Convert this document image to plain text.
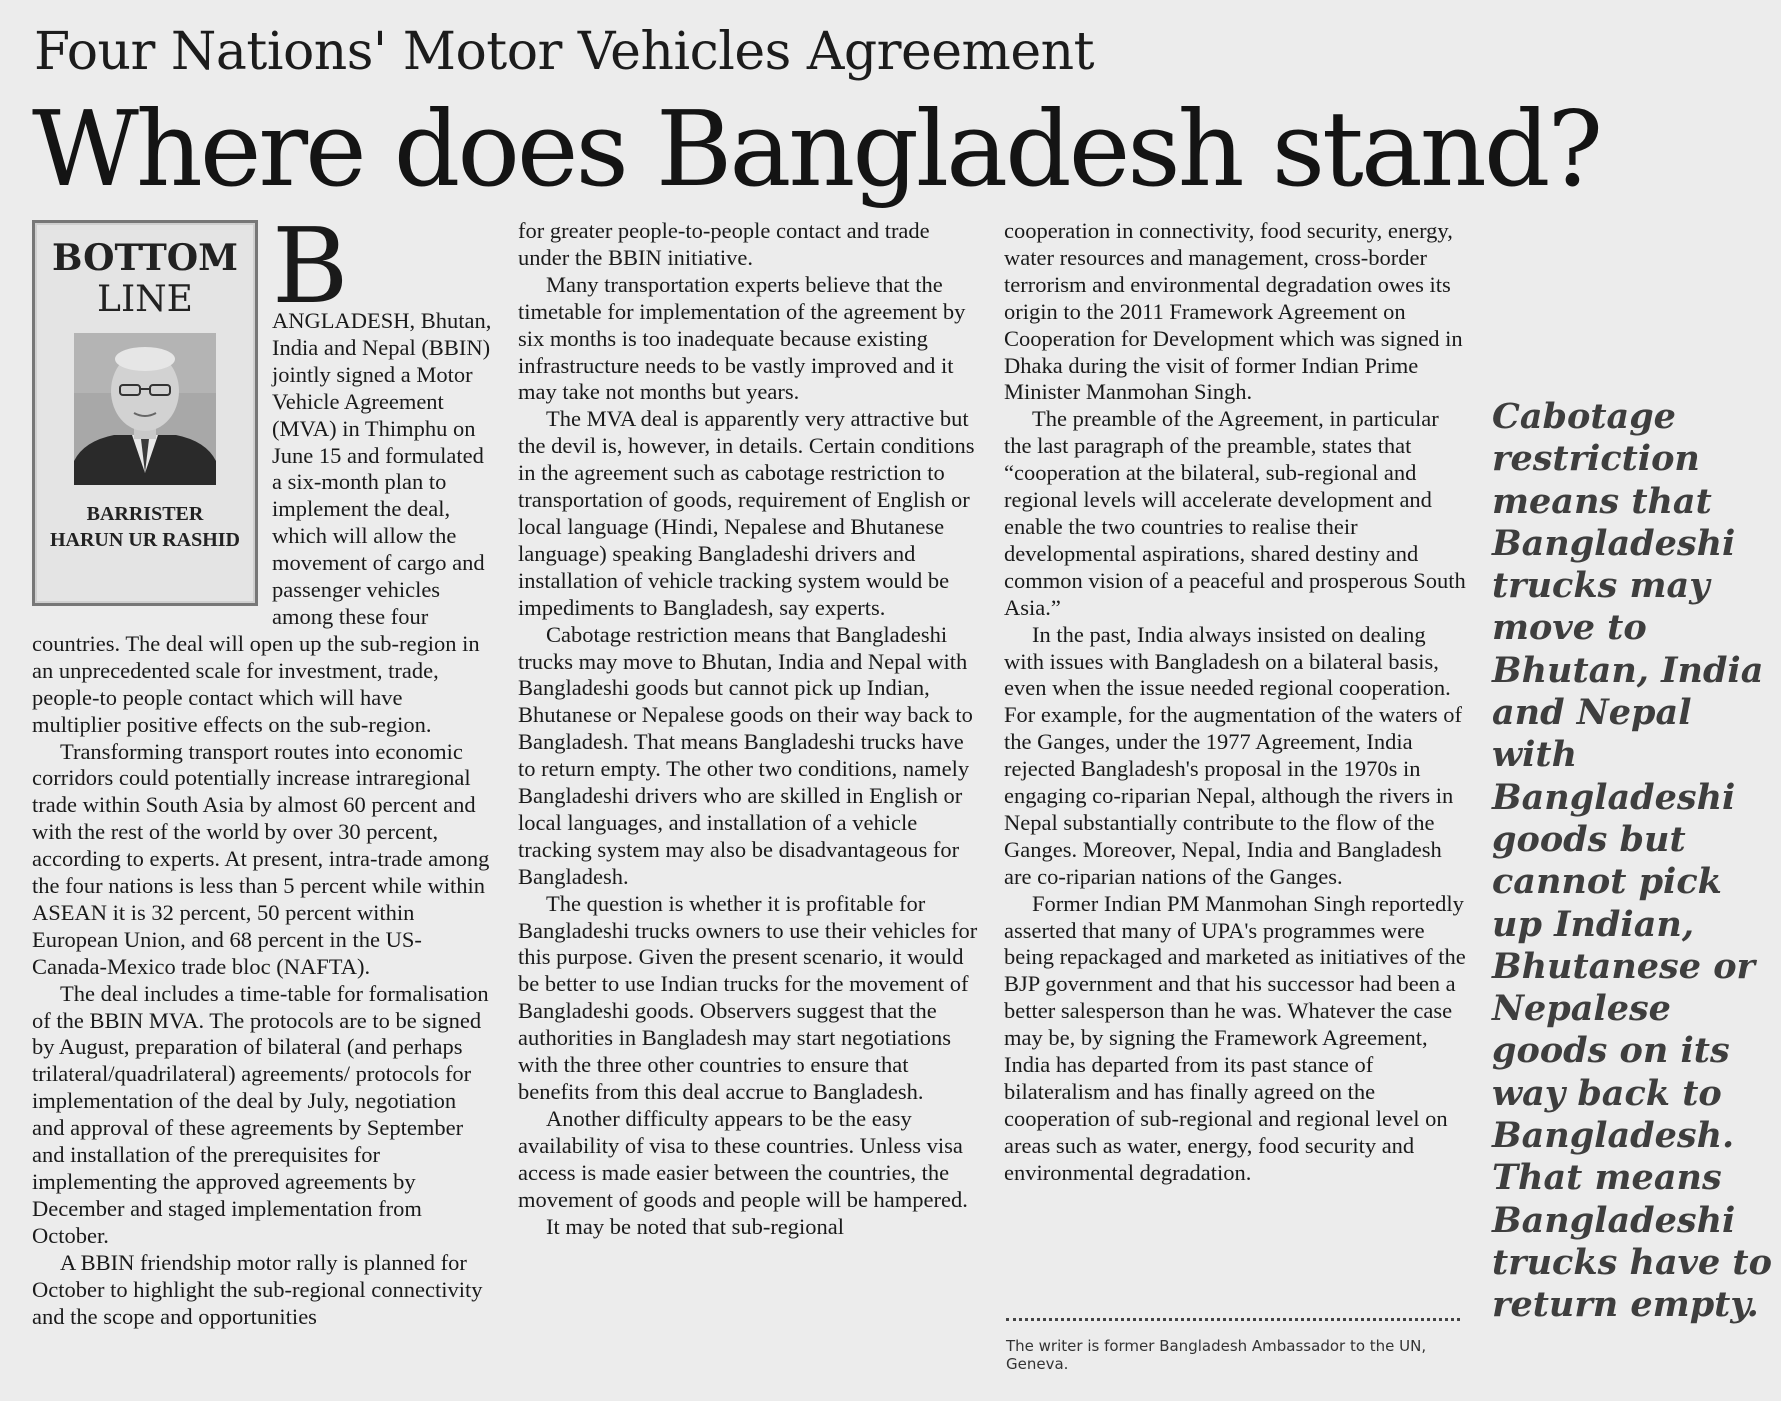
Four Nations' Motor Vehicles Agreement
Where does Bangladesh stand?
BOTTOM
LINE
BARRISTER
HARUN UR RASHID

B
ANGLADESH, Bhutan, India and Nepal (BBIN) jointly signed a Motor Vehicle Agreement (MVA) in Thimphu on June 15 and formulated a six-month plan to implement the deal, which will allow the movement of cargo and passenger vehicles among these four countries. The deal will open up the sub-region in an unprecedented scale for investment, trade, people-to people contact which will have multiplier positive effects on the sub-region.

Transforming transport routes into economic corridors could potentially increase intraregional trade within South Asia by almost 60 percent and with the rest of the world by over 30 percent, according to experts. At present, intra-trade among the four nations is less than 5 percent while within ASEAN it is 32 percent, 50 percent within European Union, and 68 percent in the US-Canada-Mexico trade bloc (NAFTA).

The deal includes a time-table for formalisation of the BBIN MVA. The protocols are to be signed by August, preparation of bilateral (and perhaps trilateral/quadrilateral) agreements/ protocols for implementation of the deal by July, negotiation and approval of these agreements by September and installation of the prerequisites for implementing the approved agreements by December and staged implementation from October.

A BBIN friendship motor rally is planned for October to highlight the sub-regional connectivity and the scope and opportunities

for greater people-to-people contact and trade under the BBIN initiative.

Many transportation experts believe that the timetable for implementation of the agreement by six months is too inadequate because existing infrastructure needs to be vastly improved and it may take not months but years.

The MVA deal is apparently very attractive but the devil is, however, in details. Certain conditions in the agreement such as cabotage restriction to transportation of goods, requirement of English or local language (Hindi, Nepalese and Bhutanese language) speaking Bangladeshi drivers and installation of vehicle tracking system would be impediments to Bangladesh, say experts.

Cabotage restriction means that Bangladeshi trucks may move to Bhutan, India and Nepal with Bangladeshi goods but cannot pick up Indian, Bhutanese or Nepalese goods on their way back to Bangladesh. That means Bangladeshi trucks have to return empty. The other two conditions, namely Bangladeshi drivers who are skilled in English or local languages, and installation of a vehicle tracking system may also be disadvantageous for Bangladesh.

The question is whether it is profitable for Bangladeshi trucks owners to use their vehicles for this purpose. Given the present scenario, it would be better to use Indian trucks for the movement of Bangladeshi goods. Observers suggest that the authorities in Bangladesh may start negotiations with the three other countries to ensure that benefits from this deal accrue to Bangladesh.

Another difficulty appears to be the easy availability of visa to these countries. Unless visa access is made easier between the countries, the movement of goods and people will be hampered.

It may be noted that sub-regional

cooperation in connectivity, food security, energy, water resources and management, cross-border terrorism and environmental degradation owes its origin to the 2011 Framework Agreement on Cooperation for Development which was signed in Dhaka during the visit of former Indian Prime Minister Manmohan Singh.

The preamble of the Agreement, in particular the last paragraph of the preamble, states that “cooperation at the bilateral, sub-regional and regional levels will accelerate development and enable the two countries to realise their developmental aspirations, shared destiny and common vision of a peaceful and prosperous South Asia.”

In the past, India always insisted on dealing with issues with Bangladesh on a bilateral basis, even when the issue needed regional cooperation. For example, for the augmentation of the waters of the Ganges, under the 1977 Agreement, India rejected Bangladesh's proposal in the 1970s in engaging co-riparian Nepal, although the rivers in Nepal substantially contribute to the flow of the Ganges. Moreover, Nepal, India and Bangladesh are co-riparian nations of the Ganges.

Former Indian PM Manmohan Singh reportedly asserted that many of UPA's programmes were being repackaged and marketed as initiatives of the BJP government and that his successor had been a better salesperson than he was. Whatever the case may be, by signing the Framework Agreement, India has departed from its past stance of bilateralism and has finally agreed on the cooperation of sub-regional and regional level on areas such as water, energy, food security and environmental degradation.

The writer is former Bangladesh Ambassador to the UN, Geneva.

Cabotage restriction means that Bangladeshi trucks may move to Bhutan, India and Nepal with Bangladeshi goods but cannot pick up Indian, Bhutanese or Nepalese goods on its way back to Bangladesh. That means Bangladeshi trucks have to return empty.
